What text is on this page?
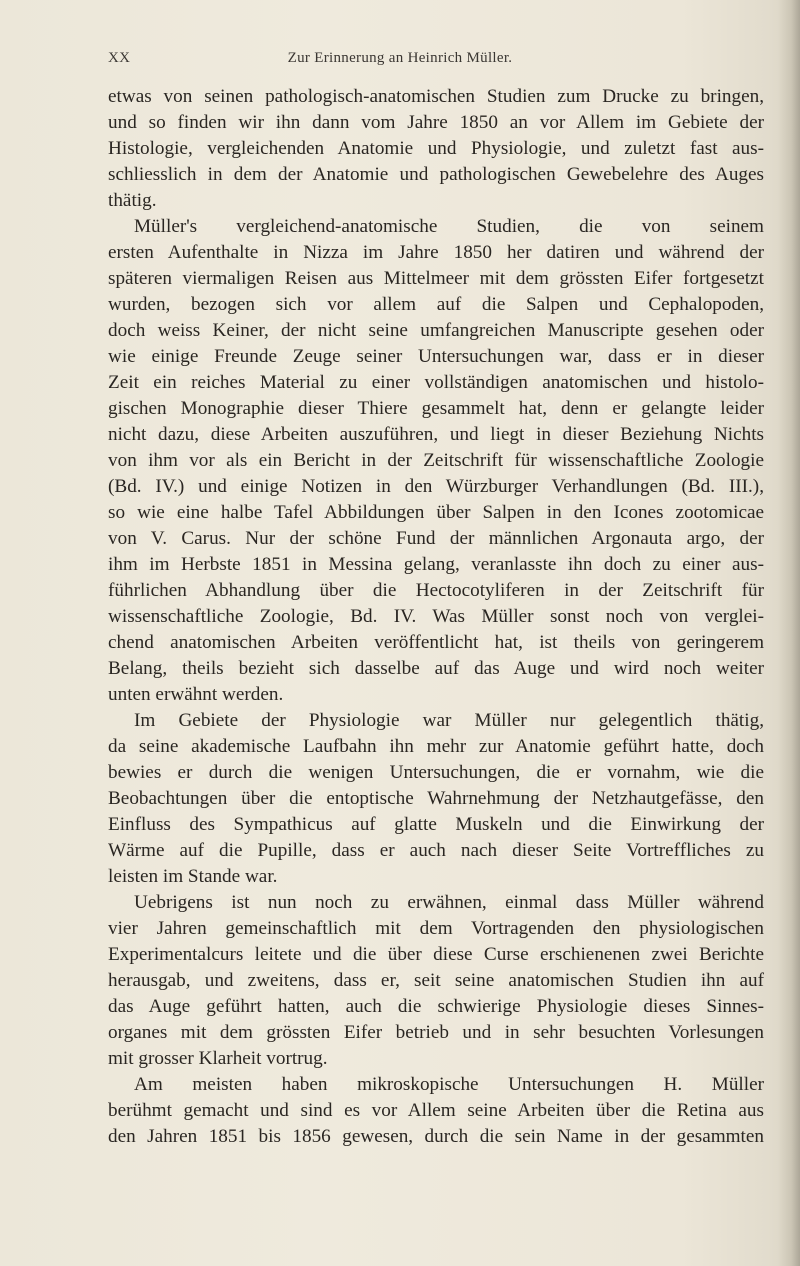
XX	Zur Erinnerung an Heinrich Müller.
etwas von seinen pathologisch-anatomischen Studien zum Drucke zu bringen,
und so finden wir ihn dann vom Jahre 1850 an vor Allem im Gebiete der
Histologie, vergleichenden Anatomie und Physiologie, und zuletzt fast aus-
schliesslich in dem der Anatomie und pathologischen Gewebelehre des Auges
thätig.
Müller's vergleichend-anatomische Studien, die von seinem
ersten Aufenthalte in Nizza im Jahre 1850 her datiren und während der
späteren viermaligen Reisen aus Mittelmeer mit dem grössten Eifer fortgesetzt
wurden, bezogen sich vor allem auf die Salpen und Cephalopoden,
doch weiss Keiner, der nicht seine umfangreichen Manuscripte gesehen oder
wie einige Freunde Zeuge seiner Untersuchungen war, dass er in dieser
Zeit ein reiches Material zu einer vollständigen anatomischen und histolo-
gischen Monographie dieser Thiere gesammelt hat, denn er gelangte leider
nicht dazu, diese Arbeiten auszuführen, und liegt in dieser Beziehung Nichts
von ihm vor als ein Bericht in der Zeitschrift für wissenschaftliche Zoologie
(Bd. IV.) und einige Notizen in den Würzburger Verhandlungen (Bd. III.),
so wie eine halbe Tafel Abbildungen über Salpen in den Icones zootomicae
von V. Carus. Nur der schöne Fund der männlichen Argonauta argo, der
ihm im Herbste 1851 in Messina gelang, veranlasste ihn doch zu einer aus-
führlichen Abhandlung über die Hectocotyliferen in der Zeitschrift für
wissenschaftliche Zoologie, Bd. IV. Was Müller sonst noch von verglei-
chend anatomischen Arbeiten veröffentlicht hat, ist theils von geringerem
Belang, theils bezieht sich dasselbe auf das Auge und wird noch weiter
unten erwähnt werden.
Im Gebiete der Physiologie war Müller nur gelegentlich thätig,
da seine akademische Laufbahn ihn mehr zur Anatomie geführt hatte, doch
bewies er durch die wenigen Untersuchungen, die er vornahm, wie die
Beobachtungen über die entoptische Wahrnehmung der Netzhautgefässe, den
Einfluss des Sympathicus auf glatte Muskeln und die Einwirkung der
Wärme auf die Pupille, dass er auch nach dieser Seite Vortreffliches zu
leisten im Stande war.
Uebrigens ist nun noch zu erwähnen, einmal dass Müller während
vier Jahren gemeinschaftlich mit dem Vortragenden den physiologischen
Experimentalcurs leitete und die über diese Curse erschienenen zwei Berichte
herausgab, und zweitens, dass er, seit seine anatomischen Studien ihn auf
das Auge geführt hatten, auch die schwierige Physiologie dieses Sinnes-
organes mit dem grössten Eifer betrieb und in sehr besuchten Vorlesungen
mit grosser Klarheit vortrug.
Am meisten haben mikroskopische Untersuchungen H. Müller
berühmt gemacht und sind es vor Allem seine Arbeiten über die Retina aus
den Jahren 1851 bis 1856 gewesen, durch die sein Name in der gesammten
